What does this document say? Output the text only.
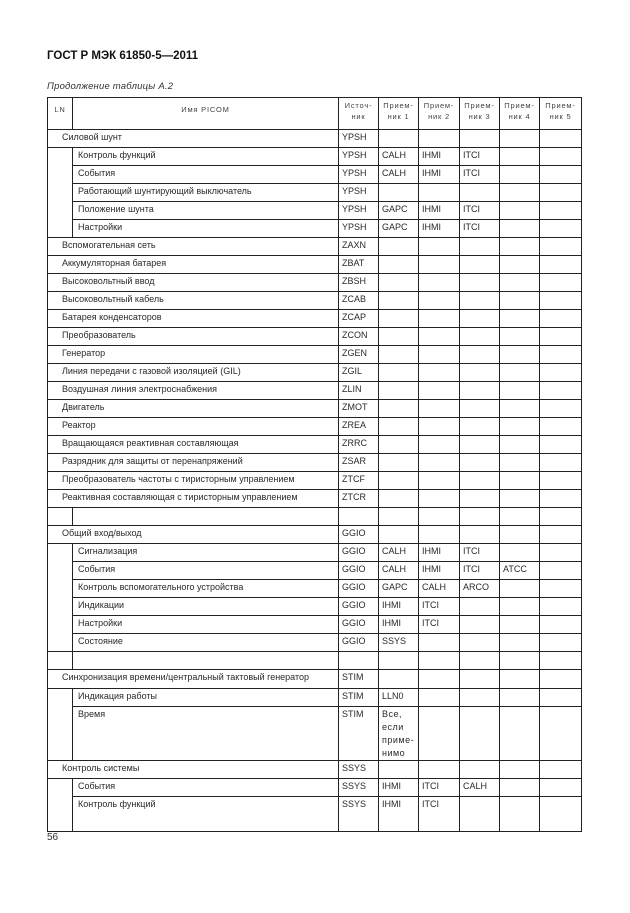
ГОСТ Р МЭК 61850-5—2011
Продолжение таблицы А.2
LN	Имя PICOM	Источ-ник	Прием-ник 1	Прием-ник 2	Прием-ник 3	Прием-ник 4	Прием-ник 5
Силовой шунт		YPSH					
	Контроль функций	YPSH	CALH	IHMI	ITCI		
	События	YPSH	CALH	IHMI	ITCI		
	Работающий шунтирующий выключатель	YPSH					
	Положение шунта	YPSH	GAPC	IHMI	ITCI		
	Настройки	YPSH	GAPC	IHMI	ITCI		
Вспомогательная сеть		ZAXN					
Аккумуляторная батарея		ZBAT					
Высоковольтный ввод		ZBSH					
Высоковольтный кабель		ZCAB					
Батарея конденсаторов		ZCAP					
Преобразователь		ZCON					
Генератор		ZGEN					
Линия передачи с газовой изоляцией (GIL)		ZGIL					
Воздушная линия электроснабжения		ZLIN					
Двигатель		ZMOT					
Реактор		ZREA					
Вращающаяся реактивная составляющая		ZRRC					
Разрядник для защиты от перенапряжений		ZSAR					
Преобразователь частоты с тиристорным управлением		ZTCF					
Реактивная составляющая с тиристорным управлением		ZTCR					

Общий вход/выход		GGIO					
	Сигнализация	GGIO	CALH	IHMI	ITCI		
	События	GGIO	CALH	IHMI	ITCI	ATCC	
	Контроль вспомогательного устройства	GGIO	GAPC	CALH	ARCO		
	Индикации	GGIO	IHMI	ITCI			
	Настройки	GGIO	IHMI	ITCI			
	Состояние	GGIO	SSYS				

Синхронизация времени/центральный тактовый генератор		STIM					
	Индикация работы	STIM	LLN0				
	Время	STIM	Все, если приме-нимо				
Контроль системы		SSYS					
	События	SSYS	IHMI	ITCI	CALH		
	Контроль функций	SSYS	IHMI	ITCI			
56
